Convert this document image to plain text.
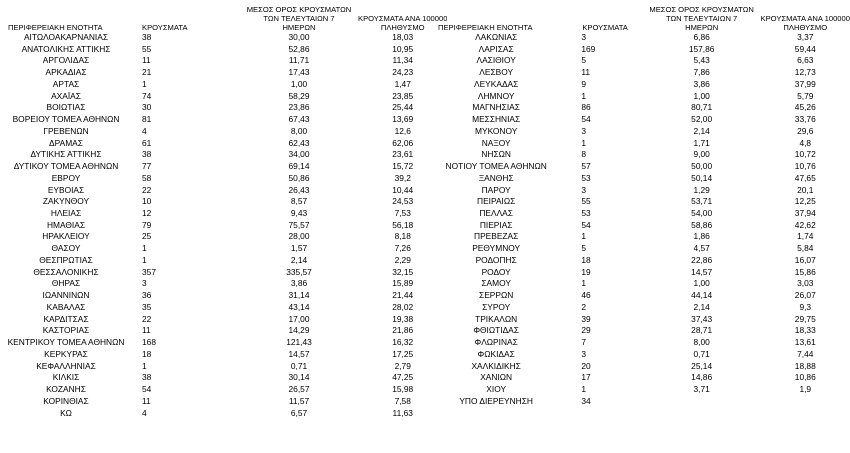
ΠΕΡΙΦΕΡΕΙΑΚΗ ΕΝΟΤΗΤΑ	ΚΡΟΥΣΜΑΤΑ	ΜΕΣΟΣ ΟΡΟΣ ΚΡΟΥΣΜΑΤΩΝ
ΤΩΝ ΤΕΛΕΥΤΑΙΩΝ 7
ΗΜΕΡΩΝ	ΚΡΟΥΣΜΑΤΑ ΑΝΑ 100000
ΠΛΗΘΥΣΜΟ
ΑΙΤΩΛΟΑΚΑΡΝΑΝΙΑΣ	38	30,00	18,03
ΑΝΑΤΟΛΙΚΗΣ ΑΤΤΙΚΗΣ	55	52,86	10,95
ΑΡΓΟΛΙΔΑΣ	11	11,71	11,34
ΑΡΚΑΔΙΑΣ	21	17,43	24,23
ΑΡΤΑΣ	1	1,00	1,47
ΑΧΑΪΑΣ	74	58,29	23,85
ΒΟΙΩΤΙΑΣ	30	23,86	25,44
ΒΟΡΕΙΟΥ ΤΟΜΕΑ ΑΘΗΝΩΝ	81	67,43	13,69
ΓΡΕΒΕΝΩΝ	4	8,00	12,6
ΔΡΑΜΑΣ	61	62,43	62,06
ΔΥΤΙΚΗΣ ΑΤΤΙΚΗΣ	38	34,00	23,61
ΔΥΤΙΚΟΥ ΤΟΜΕΑ ΑΘΗΝΩΝ	77	69,14	15,72
ΕΒΡΟΥ	58	50,86	39,2
ΕΥΒΟΙΑΣ	22	26,43	10,44
ΖΑΚΥΝΘΟΥ	10	8,57	24,53
ΗΛΕΙΑΣ	12	9,43	7,53
ΗΜΑΘΙΑΣ	79	75,57	56,18
ΗΡΑΚΛΕΙΟΥ	25	28,00	8,18
ΘΑΣΟΥ	1	1,57	7,26
ΘΕΣΠΡΩΤΙΑΣ	1	2,14	2,29
ΘΕΣΣΑΛΟΝΙΚΗΣ	357	335,57	32,15
ΘΗΡΑΣ	3	3,86	15,89
ΙΩΑΝΝΙΝΩΝ	36	31,14	21,44
ΚΑΒΑΛΑΣ	35	43,14	28,02
ΚΑΡΔΙΤΣΑΣ	22	17,00	19,38
ΚΑΣΤΟΡΙΑΣ	11	14,29	21,86
ΚΕΝΤΡΙΚΟΥ ΤΟΜΕΑ ΑΘΗΝΩΝ	168	121,43	16,32
ΚΕΡΚΥΡΑΣ	18	14,57	17,25
ΚΕΦΑΛΛΗΝΙΑΣ	1	0,71	2,79
ΚΙΛΚΙΣ	38	30,14	47,25
ΚΟΖΑΝΗΣ	54	26,57	15,98
ΚΟΡΙΝΘΙΑΣ	11	11,57	7,58
ΚΩ	4	6,57	11,63
ΠΕΡΙΦΕΡΕΙΑΚΗ ΕΝΟΤΗΤΑ	ΚΡΟΥΣΜΑΤΑ	ΜΕΣΟΣ ΟΡΟΣ ΚΡΟΥΣΜΑΤΩΝ
ΤΩΝ ΤΕΛΕΥΤΑΙΩΝ 7
ΗΜΕΡΩΝ	ΚΡΟΥΣΜΑΤΑ ΑΝΑ 100000
ΠΛΗΘΥΣΜΟ
ΛΑΚΩΝΙΑΣ	3	6,86	3,37
ΛΑΡΙΣΑΣ	169	157,86	59,44
ΛΑΣΙΘΙΟΥ	5	5,43	6,63
ΛΕΣΒΟΥ	11	7,86	12,73
ΛΕΥΚΑΔΑΣ	9	3,86	37,99
ΛΗΜΝΟΥ	1	1,00	5,79
ΜΑΓΝΗΣΙΑΣ	86	80,71	45,26
ΜΕΣΣΗΝΙΑΣ	54	52,00	33,76
ΜΥΚΟΝΟΥ	3	2,14	29,6
ΝΑΞΟΥ	1	1,71	4,8
ΝΗΣΩΝ	8	9,00	10,72
ΝΟΤΙΟΥ ΤΟΜΕΑ ΑΘΗΝΩΝ	57	50,00	10,76
ΞΑΝΘΗΣ	53	50,14	47,65
ΠΑΡΟΥ	3	1,29	20,1
ΠΕΙΡΑΙΩΣ	55	53,71	12,25
ΠΕΛΛΑΣ	53	54,00	37,94
ΠΙΕΡΙΑΣ	54	58,86	42,62
ΠΡΕΒΕΖΑΣ	1	1,86	1,74
ΡΕΘΥΜΝΟΥ	5	4,57	5,84
ΡΟΔΟΠΗΣ	18	22,86	16,07
ΡΟΔΟΥ	19	14,57	15,86
ΣΑΜΟΥ	1	1,00	3,03
ΣΕΡΡΩΝ	46	44,14	26,07
ΣΥΡΟΥ	2	2,14	9,3
ΤΡΙΚΑΛΩΝ	39	37,43	29,75
ΦΘΙΩΤΙΔΑΣ	29	28,71	18,33
ΦΛΩΡΙΝΑΣ	7	8,00	13,61
ΦΩΚΙΔΑΣ	3	0,71	7,44
ΧΑΛΚΙΔΙΚΗΣ	20	25,14	18,88
ΧΑΝΙΩΝ	17	14,86	10,86
ΧΙΟΥ	1	3,71	1,9
ΥΠΟ ΔΙΕΡΕΥΝΗΣΗ	34		
